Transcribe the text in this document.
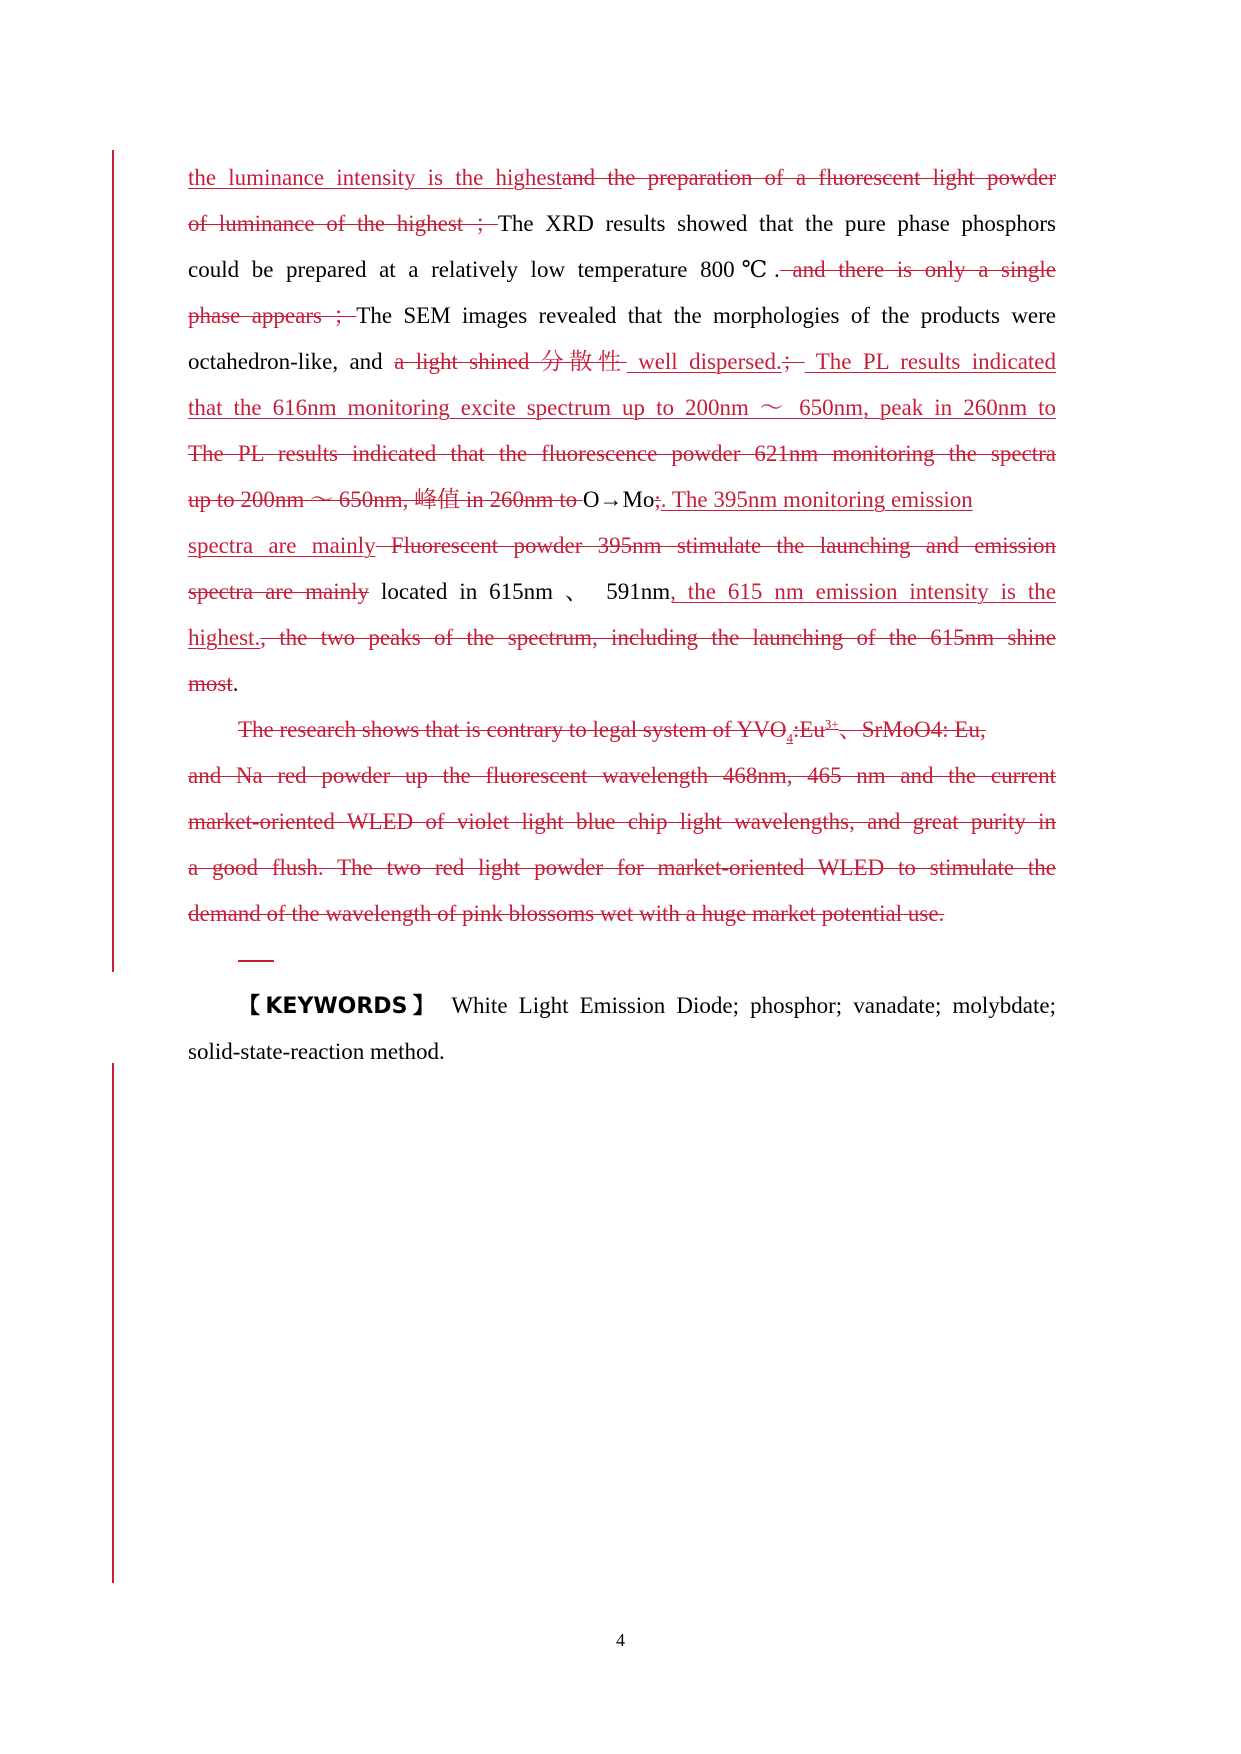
the luminance intensity is the highestand the preparation of a fluorescent light powder
of luminance of the highest ；The XRD results showed that the pure phase phosphors
could be prepared at a relatively low temperature 800℃. and there is only a single
phase appears ；The SEM images revealed that the morphologies of the products were
octahedron-like, and a light shined 分散性 well dispersed.； The PL results indicated
that the 616nm monitoring excite spectrum up to 200nm ～ 650nm, peak in 260nm to
The PL results indicated that the fluorescence powder 621nm monitoring the spectra
up to 200nm ～ 650nm, 峰值 in 260nm to O→Mo;. The 395nm monitoring emission
spectra are mainly Fluorescent powder 395nm stimulate the launching and emission
spectra are mainly located in 615nm 、 591nm, the 615 nm emission intensity is the
highest., the two peaks of the spectrum, including the launching of the 615nm shine
most.
The research shows that is contrary to legal system of $YVO_4:Eu^{3+}$、SrMoO4: Eu,
and Na red powder up the fluorescent wavelength 468nm, 465 nm and the current
market-oriented WLED of violet light blue chip light wavelengths, and great purity in
a good flush. The two red light powder for market-oriented WLED to stimulate the
demand of the wavelength of pink blossoms wet with a huge market potential use.
【KEYWORDS】 White Light Emission Diode; phosphor; vanadate; molybdate;
solid-state-reaction method.
4
